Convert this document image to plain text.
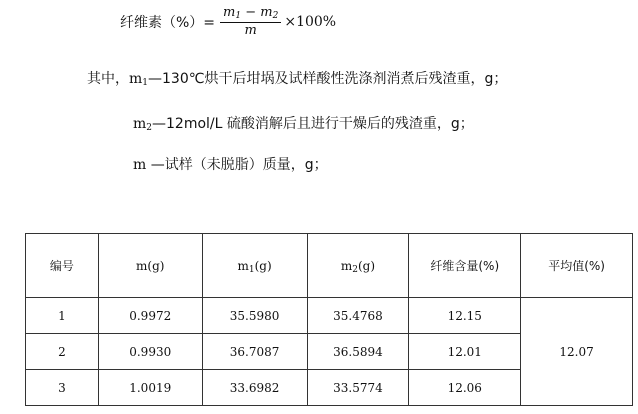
纤维素（%）= $\frac{m_1 - m_2}{m} \times 100\%$
其中，$m_1—130℃$烘干后坩埚及试样酸性洗涤剂消煮后残渣重，g；
$m_2—12mol/L$ 硫酸消解后且进行干燥后的残渣重，g；
m —试样（未脱脂）质量，g；
编号	m(g)	$m_1(g)$	$m_2(g)$	纤维含量(%)	平均值(%)
1	0.9972	35.5980	35.4768	12.15	12.07
2	0.9930	36.7087	36.5894	12.01	
3	1.0019	33.6982	33.5774	12.06	
